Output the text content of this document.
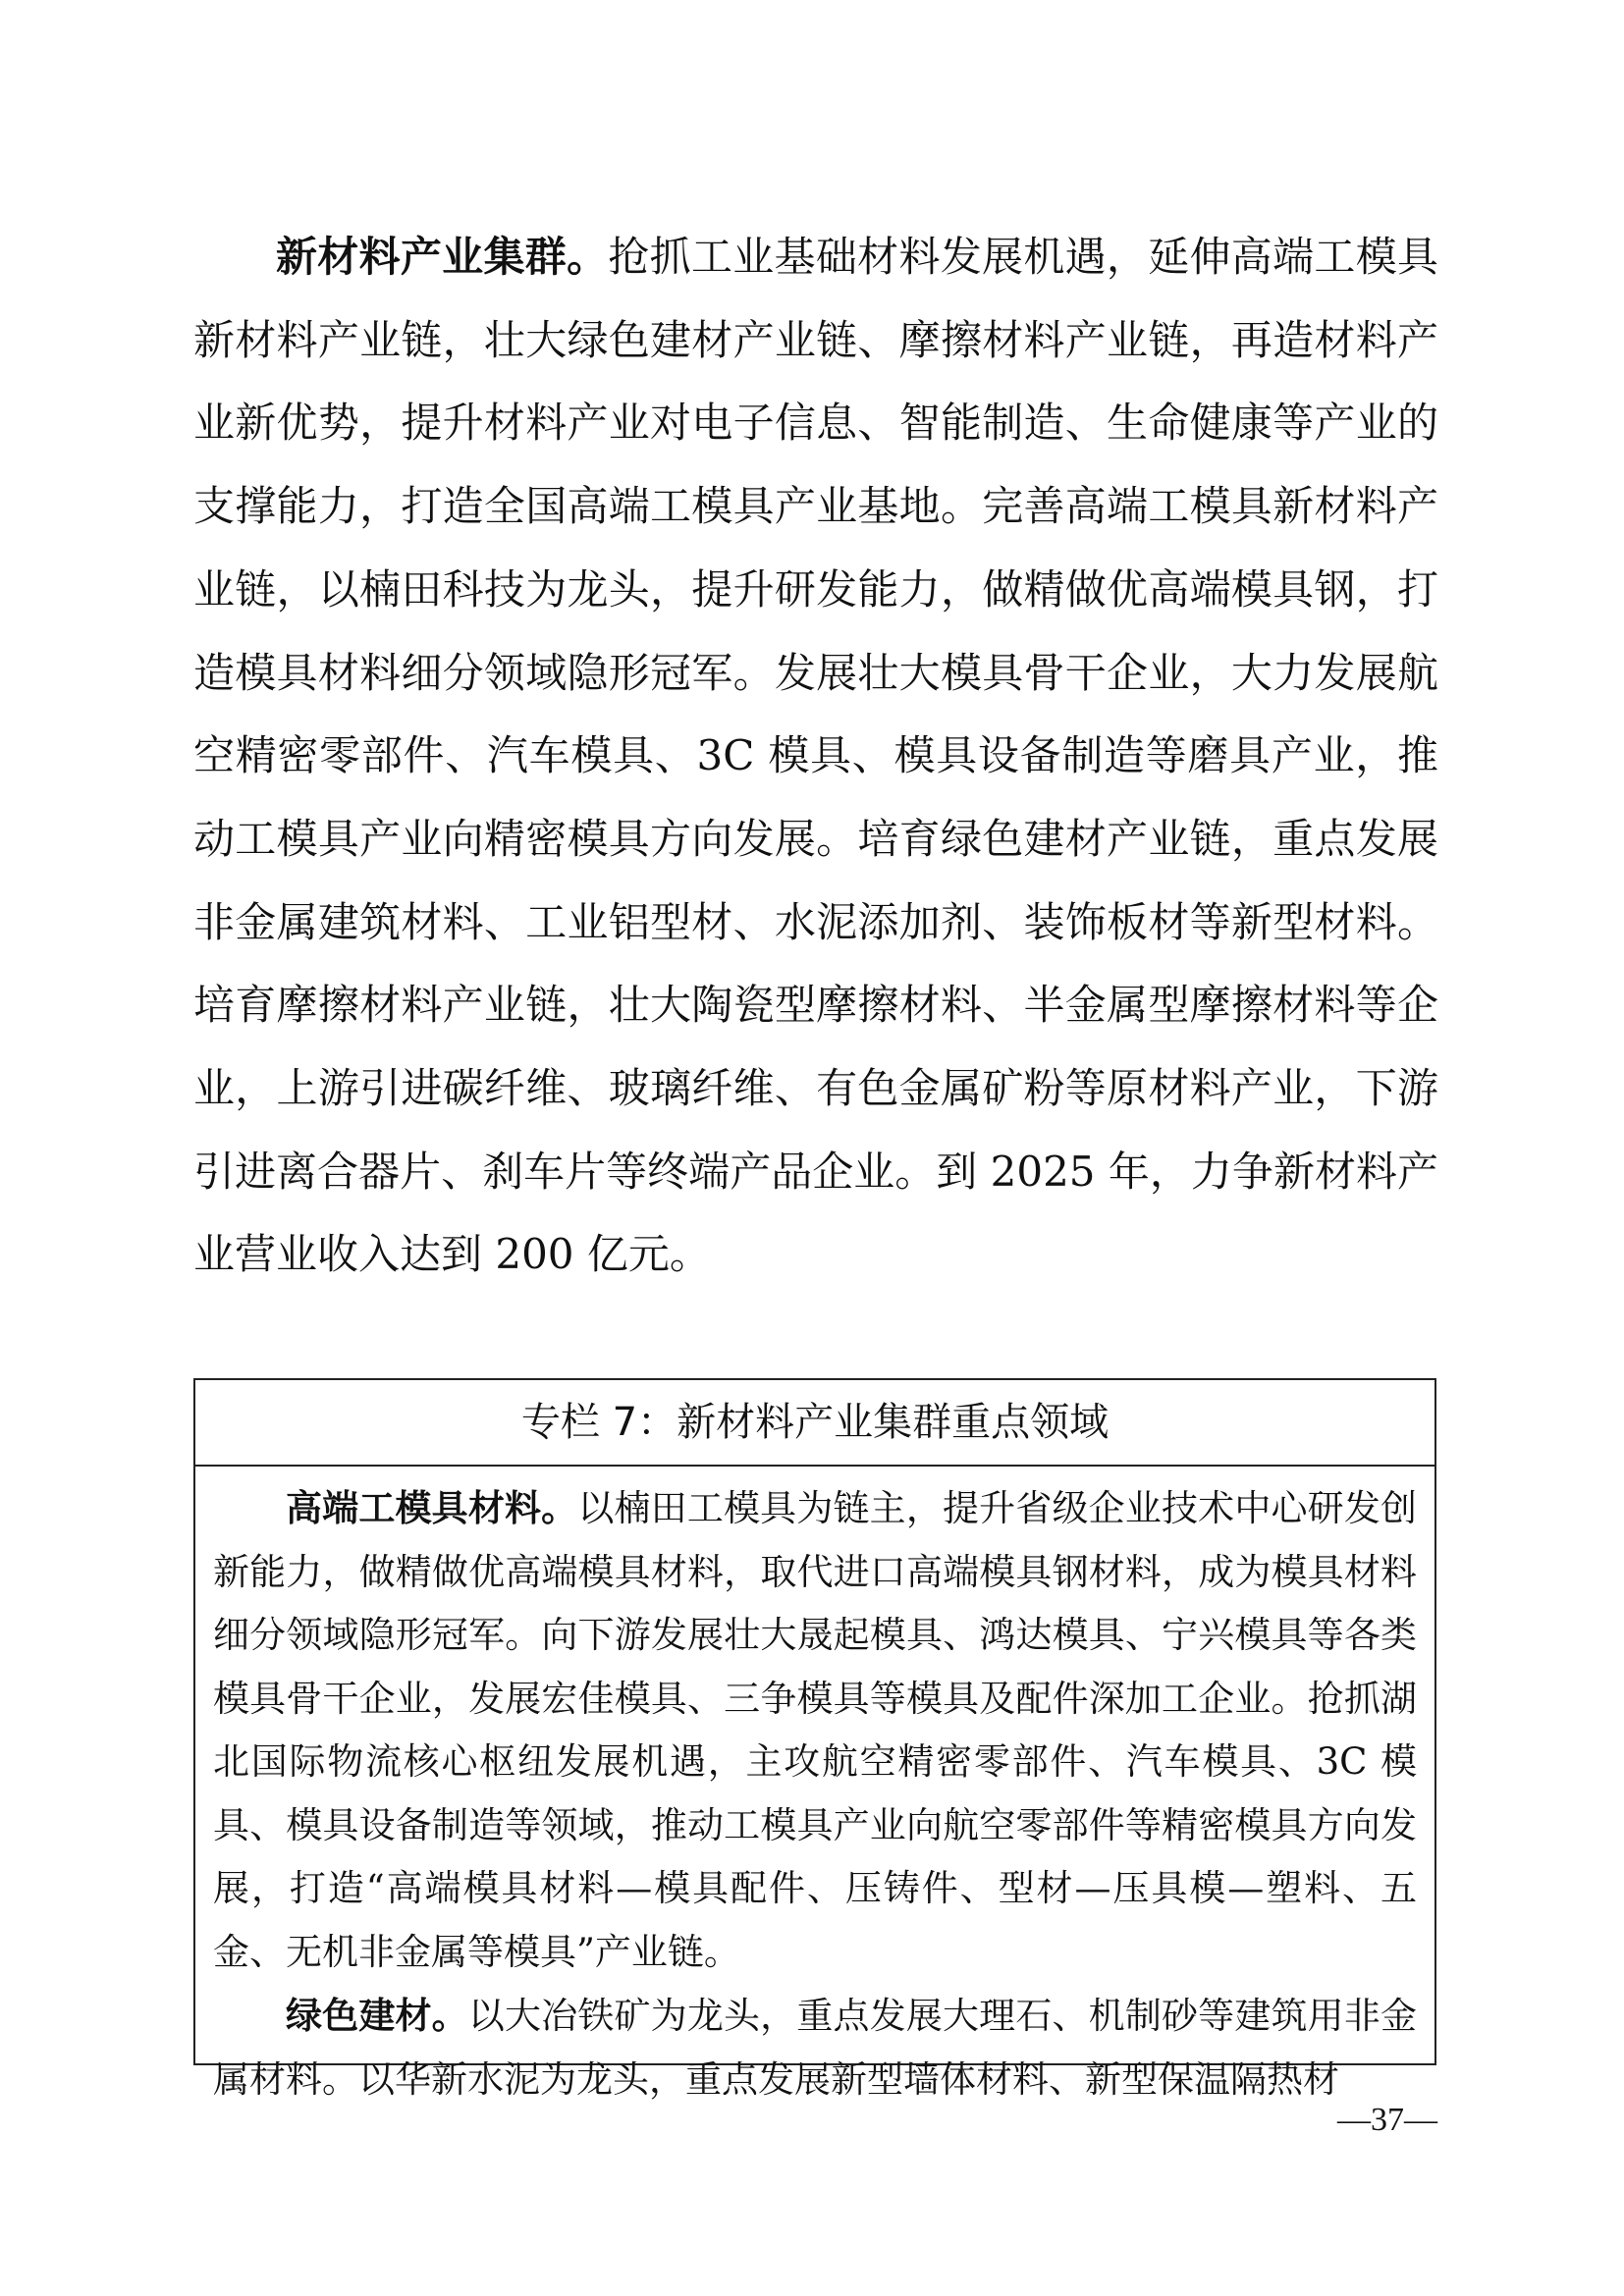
新材料产业集群。抢抓工业基础材料发展机遇，延伸高端工模具新材料产业链，壮大绿色建材产业链、摩擦材料产业链，再造材料产业新优势，提升材料产业对电子信息、智能制造、生命健康等产业的支撑能力，打造全国高端工模具产业基地。完善高端工模具新材料产业链，以楠田科技为龙头，提升研发能力，做精做优高端模具钢，打造模具材料细分领域隐形冠军。发展壮大模具骨干企业，大力发展航空精密零部件、汽车模具、3C 模具、模具设备制造等磨具产业，推动工模具产业向精密模具方向发展。培育绿色建材产业链，重点发展非金属建筑材料、工业铝型材、水泥添加剂、装饰板材等新型材料。培育摩擦材料产业链，壮大陶瓷型摩擦材料、半金属型摩擦材料等企业，上游引进碳纤维、玻璃纤维、有色金属矿粉等原材料产业，下游引进离合器片、刹车片等终端产品企业。到 2025 年，力争新材料产业营业收入达到 200 亿元。

专栏 7：新材料产业集群重点领域

高端工模具材料。以楠田工模具为链主，提升省级企业技术中心研发创新能力，做精做优高端模具材料，取代进口高端模具钢材料，成为模具材料细分领域隐形冠军。向下游发展壮大晟起模具、鸿达模具、宁兴模具等各类模具骨干企业，发展宏佳模具、三争模具等模具及配件深加工企业。抢抓湖北国际物流核心枢纽发展机遇，主攻航空精密零部件、汽车模具、3C 模具、模具设备制造等领域，推动工模具产业向航空零部件等精密模具方向发展，打造“高端模具材料—模具配件、压铸件、型材—压具模—塑料、五金、无机非金属等模具”产业链。

绿色建材。以大冶铁矿为龙头，重点发展大理石、机制砂等建筑用非金属材料。以华新水泥为龙头，重点发展新型墙体材料、新型保温隔热材

—37—
